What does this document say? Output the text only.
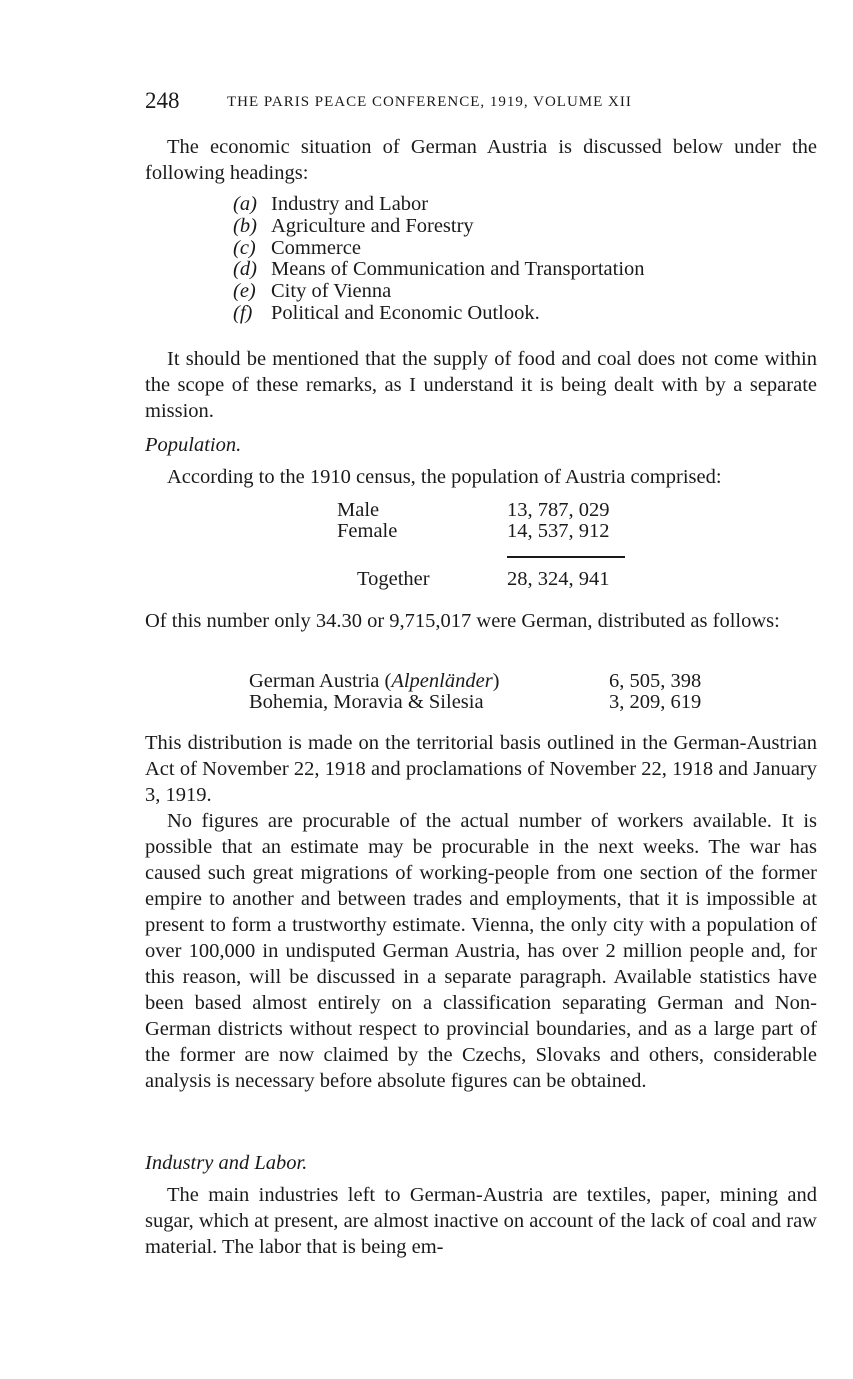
248	THE PARIS PEACE CONFERENCE, 1919, VOLUME XII

The economic situation of German Austria is discussed below under the following headings:

(a) Industry and Labor
(b) Agriculture and Forestry
(c) Commerce
(d) Means of Communication and Transportation
(e) City of Vienna
(f) Political and Economic Outlook.

It should be mentioned that the supply of food and coal does not come within the scope of these remarks, as I understand it is being dealt with by a separate mission.

Population.

According to the 1910 census, the population of Austria comprised:

Male	13, 787, 029
Female	14, 537, 912
Together	28, 324, 941

Of this number only 34.30 or 9,715,017 were German, distributed as follows:

German Austria (Alpenländer)	6, 505, 398
Bohemia, Moravia & Silesia	3, 209, 619

This distribution is made on the territorial basis outlined in the German-Austrian Act of November 22, 1918 and proclamations of November 22, 1918 and January 3, 1919.

No figures are procurable of the actual number of workers available. It is possible that an estimate may be procurable in the next weeks. The war has caused such great migrations of working-people from one section of the former empire to another and between trades and employments, that it is impossible at present to form a trustworthy estimate. Vienna, the only city with a population of over 100,000 in undisputed German Austria, has over 2 million people and, for this reason, will be discussed in a separate paragraph. Available statistics have been based almost entirely on a classification separating German and Non-German districts without respect to provincial boundaries, and as a large part of the former are now claimed by the Czechs, Slovaks and others, considerable analysis is necessary before absolute figures can be obtained.

Industry and Labor.

The main industries left to German-Austria are textiles, paper, mining and sugar, which at present, are almost inactive on account of the lack of coal and raw material. The labor that is being em-
